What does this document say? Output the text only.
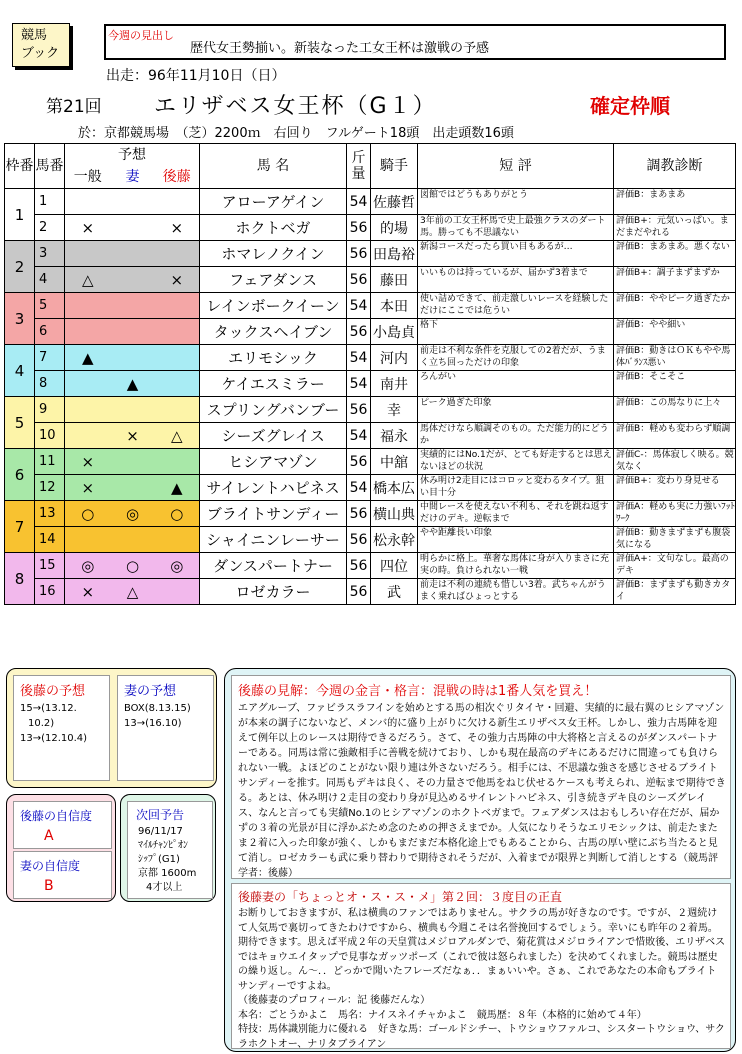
競馬
ブック
今週の見出し
歴代女王勢揃い。新装なった工女王杯は激戦の予感
出走：96年11月10日（日）
第21回 エリザベス女王杯（G１）	確定枠順
於：京都競馬場　（芝）2200ｍ　右回り　フルゲート18頭　出走頭数16頭
枠番	馬番	予想			馬 名	斤量	騎手	短 評	調教診断
		一般	妻	後藤					
1	1				アローアゲイン	54	佐藤哲	図館ではどうもありがとう	評価B：まあまあ
	2	×		×	ホクトベガ	56	的場	3年前の工女王杯馬で史上最強クラスのダート馬。勝っても不思議ない	評価B+：元気いっぱい。まだまだやれる
2	3				ホマレノクイン	56	田島裕	新潟コースだったら買い目もあるが…	評価B：まあまあ。悪くない
	4	△		×	フェアダンス	56	藤田	いいものは持っているが、届かず3着まで	評価B+：調子まずまずか
3	5				レインボークイーン	54	本田	使い詰めできて、前走激しいレースを経験しただけにここでは危うい	評価B：ややピーク過ぎたか
	6				タックスヘイブン	56	小島貞	格下	評価B：やや細い
4	7	▲			エリモシック	54	河内	前走は不利な条件を克服しての2着だが、うまく立ち回っただけの印象	評価B：動きはＯＫもやや馬体ﾊﾞﾗﾝｽ悪い
	8		▲		ケイエスミラー	54	南井	ろんがい	評価B：そこそこ
5	9				スプリングバンブー	56	幸	ピーク過ぎた印象	評価B：この馬なりに上々
	10		×	△	シーズグレイス	54	福永	馬体だけなら順調そのもの。ただ能力的にどうか	評価B：軽めも変わらず順調
6	11	×			ヒシアマゾン	56	中舘	実績的にはNo.1だが、とても好走するとは思えないほどの状況	評価C-：馬体寂しく映る。競気なく
	12	×		▲	サイレントハピネス	54	橋本広	休み明け2走目にはコロッと変わるタイプ。狙い目十分	評価B+：変わり身見せる
7	13	○	◎	○	ブライトサンディー	56	横山典	中間レースを使えない不利も、それを跳ね返すだけのデキ。逆転まで	評価A：軽めも実に力強いﾌｯﾄﾜｰｸ
	14				シャイニンレーサー	56	松永幹	やや距離長い印象	評価B：動きまずまずも腹袋気になる
8	15	◎	○	◎	ダンスパートナー	56	四位	明らかに格上。華奢な馬体に身が入りまさに充実の時。負けられない一戦	評価A+：文句なし。最高のデキ
	16	×	△		ロゼカラー	56	武	前走は不利の連続も惜しい3着。武ちゃんがうまく乗ればひょっとする	評価B：まずまずも動きカタイ
後藤の予想
15→(13.12.
10.2)
13→(12.10.4)
妻の予想
BOX(8.13.15)
13→(16.10)
後藤の自信度
A
妻の自信度
B
次回予告
96/11/17
ﾏｲﾙﾁｬﾝﾋﾟｵﾝ
ｼｯﾌﾟ(G1)
京都 1600m
4才以上
後藤の見解：今週の金言・格言：混戦の時は1番人気を買え！
エアグルーブ、ファビラスラフインを始めとする馬の相次ぐリタイヤ・回避、実績的に最右翼のヒシアマゾンが本来の調子にないなど、メンバ的に盛り上がりに欠ける新生エリザベス女王杯。しかし、強力古馬陣を迎えて例年以上のレースは期待できるだろう。さて、その強力古馬陣の中大将格と言えるのがダンスパートナーである。同馬は常に強敵相手に善戦を続けており、しかも現在最高のデキにあるだけに間違っても負けられない一戦。よほどのことがない限り連は外さないだろう。相手には、不思議な強さを感じさせるブライトサンディーを推す。同馬もデキは良く、その力量さで他馬をねじ伏せるケースも考えられ、逆転まで期待できる。あとは、休み明け２走目の変わり身が見込めるサイレントハピネス、引き続きデキ良のシーズグレイス、なんと言っても実績No.1のヒシアマゾンのホクトベガまで。フェアダンスはおもしろい存在だが、届かずの３着の光景が目に浮かぶため念のための押さえまでか。人気になりそうなエリモシックは、前走たまたま２着に入った印象が強く、しかもまだまだ本格化途上でもあることから、古馬の厚い壁にぶち当たると見て消し。ロゼカラーも武に乗り替わりで期待されそうだが、入着までが限界と判断して消しとする（競馬評学者：後藤）
後藤妻の「ちょっとオ・ス・ス・メ」第２回：３度目の正直
お断りしておきますが、私は横典のファンではありません。サクラの馬が好きなのです。ですが、２週続けて人気馬で裏切ってきたわけですから、横典も今週こそは名誉挽回するでしょう。幸いにも昨年の２着馬。期待できます。思えば平成２年の天皇賞はメジロアルダンで、菊花賞はメジロライアンで惜敗後、エリザベスではキョウエイタップで見事なガッツポーズ（これで彼は怒られました）を決めてくれました。競馬は歴史の繰り返し。ん〜．．どっかで聞いたフレーズだなぁ．．まぁいいや。さぁ、これであなたの本命もブライトサンディーですよね。
（後藤妻のプロフィール：記 後藤だんな）
本名：ごとうかよこ　馬名：ナイスネイチャかよこ　競馬歴：８年（本格的に始めて４年）
特技：馬体識別能力に優れる　好きな馬：ゴールドシチー、トウショウファルコ、シスタートウショウ、サクラホクトオー、ナリタブライアン
